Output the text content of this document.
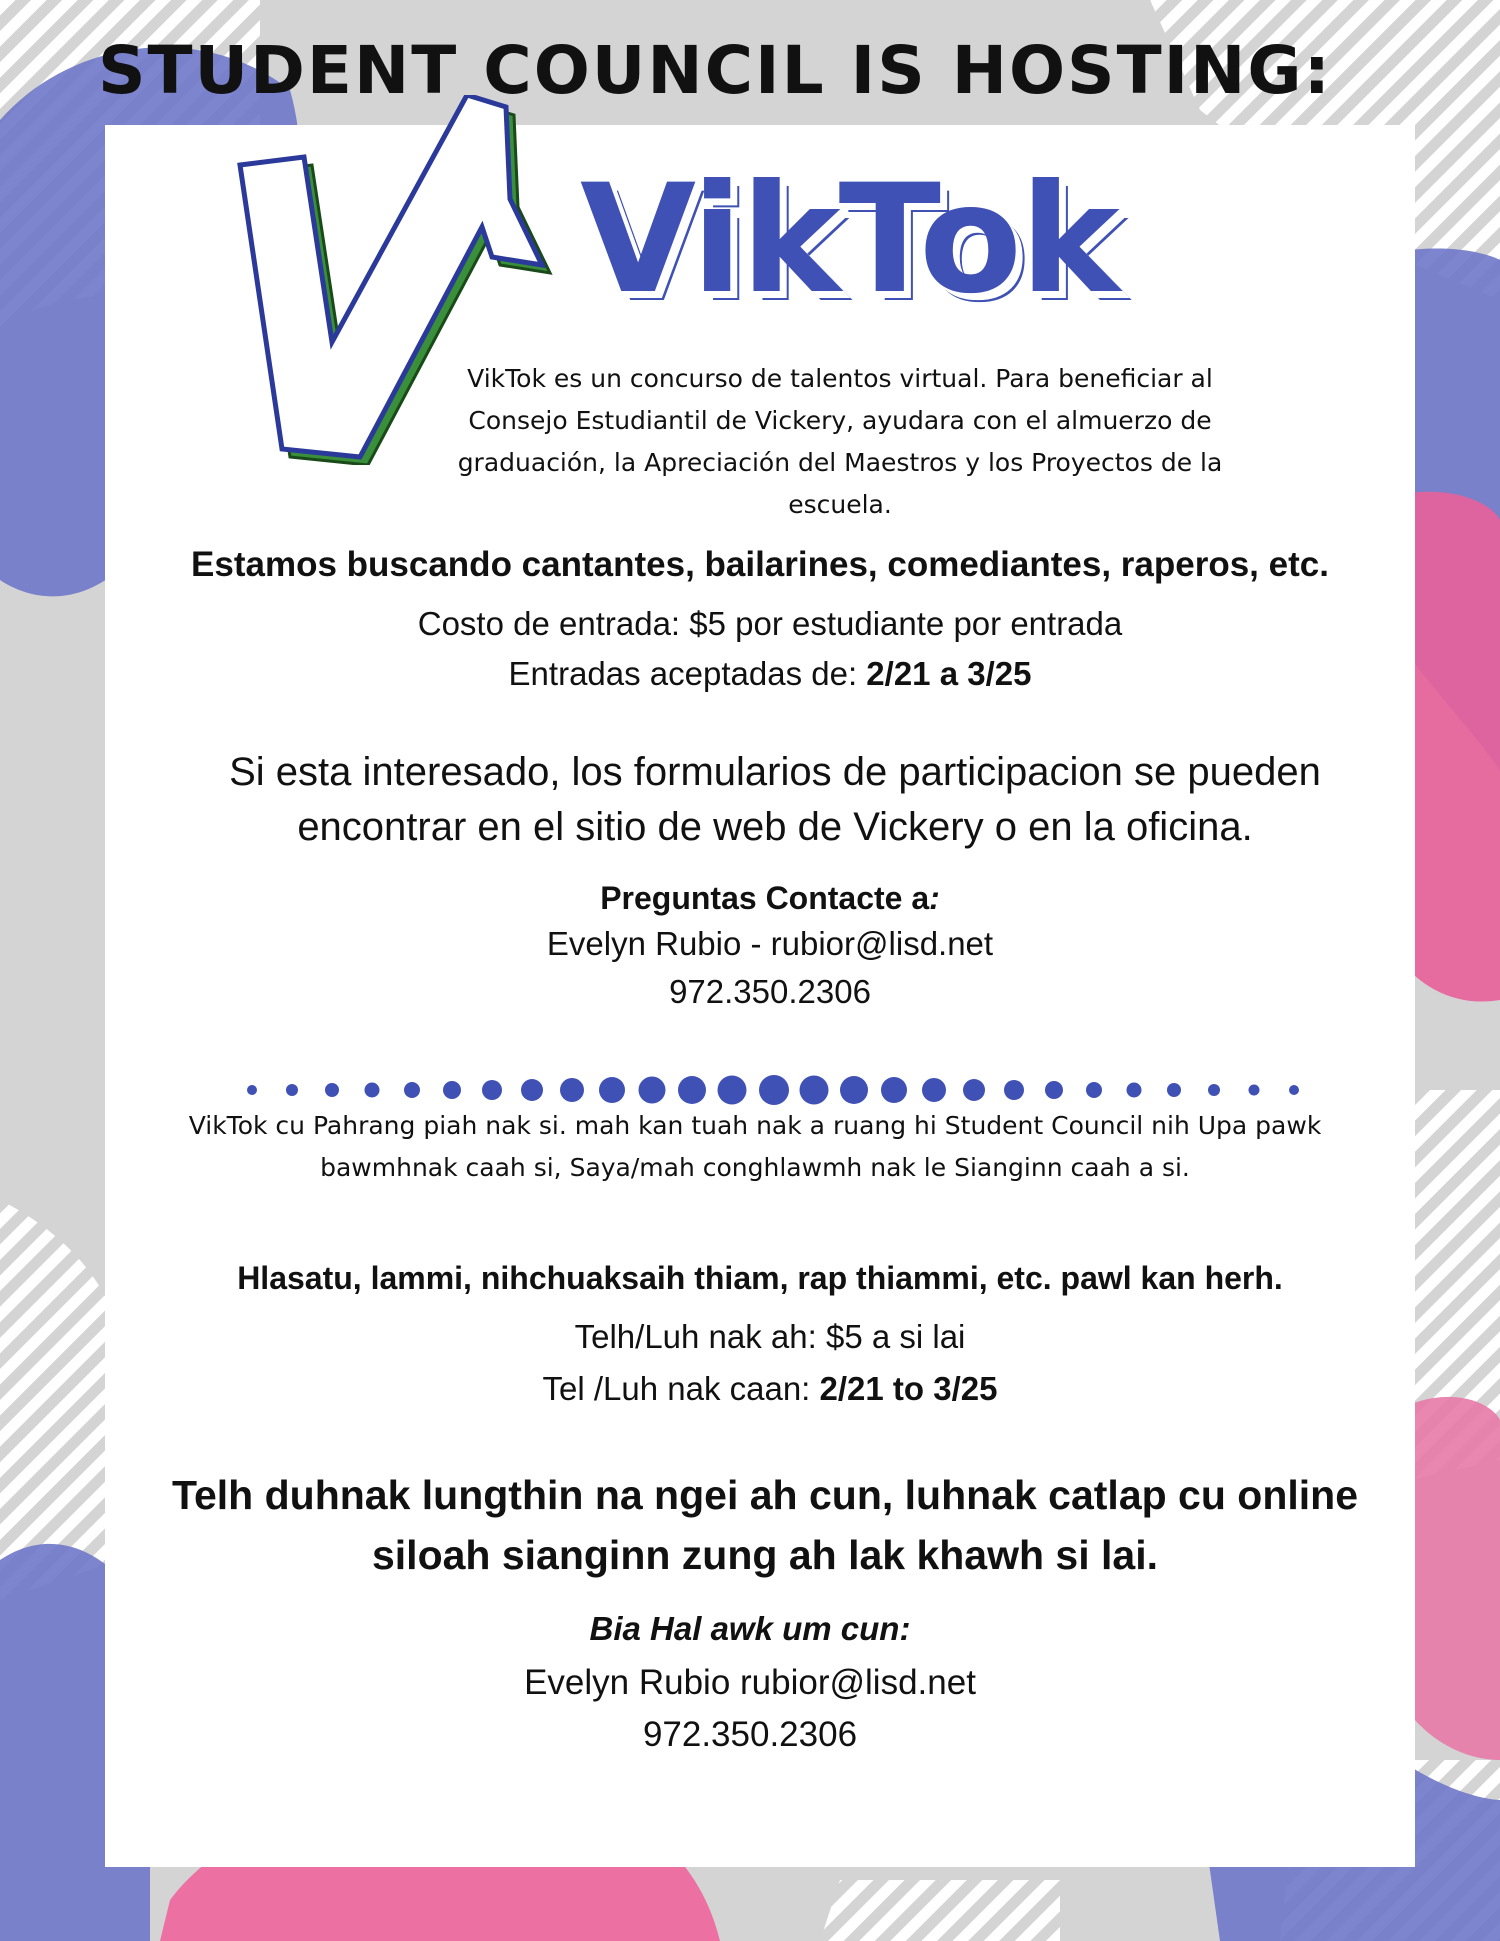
STUDENT COUNCIL IS HOSTING:
VikTok

VikTok es un concurso de talentos virtual. Para beneficiar al Consejo Estudiantil de Vickery, ayudara con el almuerzo de graduación, la Apreciación del Maestros y los Proyectos de la escuela.

Estamos buscando cantantes, bailarines, comediantes, raperos, etc.

Costo de entrada: $5 por estudiante por entrada

Entradas aceptadas de: 2/21 a 3/25

Si esta interesado, los formularios de participacion se pueden encontrar en el sitio de web de Vickery o en la oficina.

Preguntas Contacte a:

Evelyn Rubio - rubior@lisd.net

972.350.2306

VikTok cu Pahrang piah nak si. mah kan tuah nak a ruang hi Student Council nih Upa pawk bawmhnak caah si, Saya/mah conghlawmh nak le Sianginn caah a si.

Hlasatu, lammi, nihchuaksaih thiam, rap thiammi, etc. pawl kan herh.

Telh/Luh nak ah: $5 a si lai

Tel /Luh nak caan: 2/21 to 3/25

Telh duhnak lungthin na ngei ah cun, luhnak catlap cu online siloah sianginn zung ah lak khawh si lai.

Bia Hal awk um cun:

Evelyn Rubio rubior@lisd.net

972.350.2306
